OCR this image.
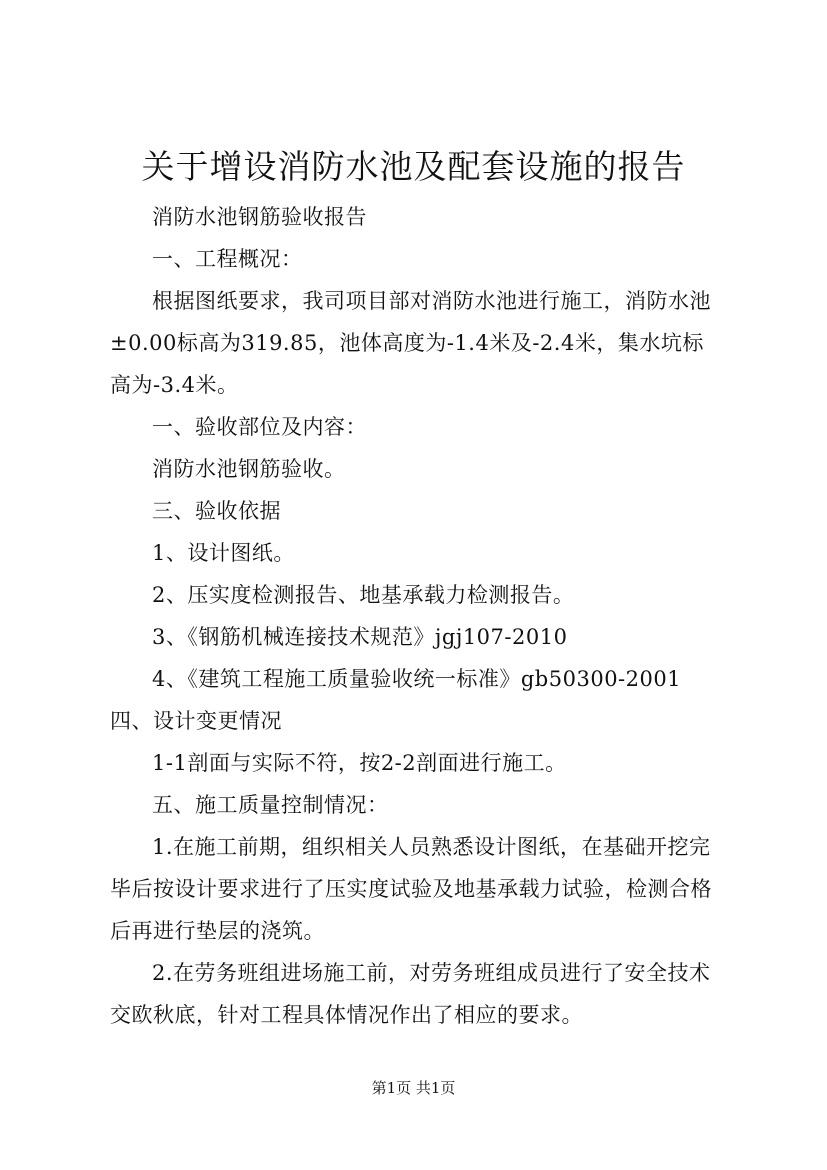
关于增设消防水池及配套设施的报告

消防水池钢筋验收报告

一、工程概况：

根据图纸要求，我司项目部对消防水池进行施工，消防水池±0.00标高为319.85，池体高度为-1.4米及-2.4米，集水坑标高为-3.4米。

一、验收部位及内容：

消防水池钢筋验收。

三、验收依据

1、设计图纸。

2、压实度检测报告、地基承载力检测报告。

3、《钢筋机械连接技术规范》jgj107-2010

4、《建筑工程施工质量验收统一标准》gb50300-2001四、设计变更情况

1-1剖面与实际不符，按2-2剖面进行施工。

五、施工质量控制情况：

1.在施工前期，组织相关人员熟悉设计图纸，在基础开挖完毕后按设计要求进行了压实度试验及地基承载力试验，检测合格后再进行垫层的浇筑。

2.在劳务班组进场施工前，对劳务班组成员进行了安全技术交欧秋底，针对工程具体情况作出了相应的要求。

第1页 共1页
